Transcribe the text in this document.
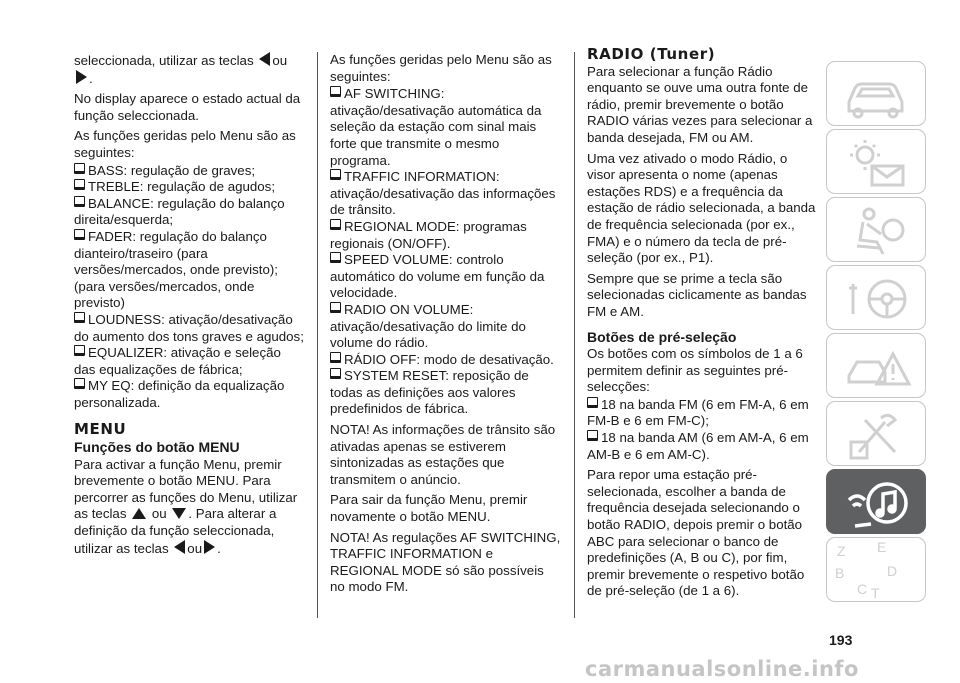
seleccionada, utilizar as teclas ou
.

No display aparece o estado actual da função seleccionada.

As funções geridas pelo Menu são as seguintes:

BASS: regulação de graves;

TREBLE: regulação de agudos;

BALANCE: regulação do balanço direita/esquerda;

FADER: regulação do balanço dianteiro/traseiro (para versões/mercados, onde previsto);(para versões/mercados, onde previsto)

LOUDNESS: ativação/desativação do aumento dos tons graves e agudos;

EQUALIZER: ativação e seleção das equalizações de fábrica;

MY EQ: definição da equalização personalizada.

MENU
Funções do botão MENU

Para activar a função Menu, premir brevemente o botão MENU. Para percorrer as funções do Menu, utilizar
as teclas ou . Para alterar a
definição da função seleccionada,
utilizar as teclas ou .

As funções geridas pelo Menu são as seguintes:

AF SWITCHING: ativação/desativação automática da seleção da estação com sinal mais forte que transmite o mesmo programa.

TRAFFIC INFORMATION: ativação/desativação das informações de trânsito.

REGIONAL MODE: programas regionais (ON/OFF).

SPEED VOLUME: controlo automático do volume em função da velocidade.

RADIO ON VOLUME: ativação/desativação do limite do volume do rádio.

RÁDIO OFF: modo de desativação.

SYSTEM RESET: reposição de todas as definições aos valores predefinidos de fábrica.

NOTA! As informações de trânsito são ativadas apenas se estiverem sintonizadas as estações que transmitem o anúncio.

Para sair da função Menu, premir novamente o botão MENU.

NOTA! As regulações AF SWITCHING, TRAFFIC INFORMATION e REGIONAL MODE só são possíveis no modo FM.

RADIO (Tuner)

Para selecionar a função Rádio enquanto se ouve uma outra fonte de rádio, premir brevemente o botão RADIO várias vezes para selecionar a banda desejada, FM ou AM.

Uma vez ativado o modo Rádio, o visor apresenta o nome (apenas estações RDS) e a frequência da estação de rádio selecionada, a banda de frequência selecionada (por ex., FMA) e o número da tecla de pré-seleção (por ex., P1).

Sempre que se prime a tecla são selecionadas ciclicamente as bandas FM e AM.

Botões de pré-seleção

Os botões com os símbolos de 1 a 6 permitem definir as seguintes pré-selecções:

18 na banda FM (6 em FM-A, 6 em FM-B e 6 em FM-C);

18 na banda AM (6 em AM-A, 6 em AM-B e 6 em AM-C).

Para repor uma estação pré-selecionada, escolher a banda de frequência desejada selecionando o botão RADIO, depois premir o botão ABC para selecionar o banco de predefinições (A, B ou C), por fim, premir brevemente o respetivo botão de pré-seleção (de 1 a 6).

Z E
B
C
D
T
193
carmanualsonline.info
